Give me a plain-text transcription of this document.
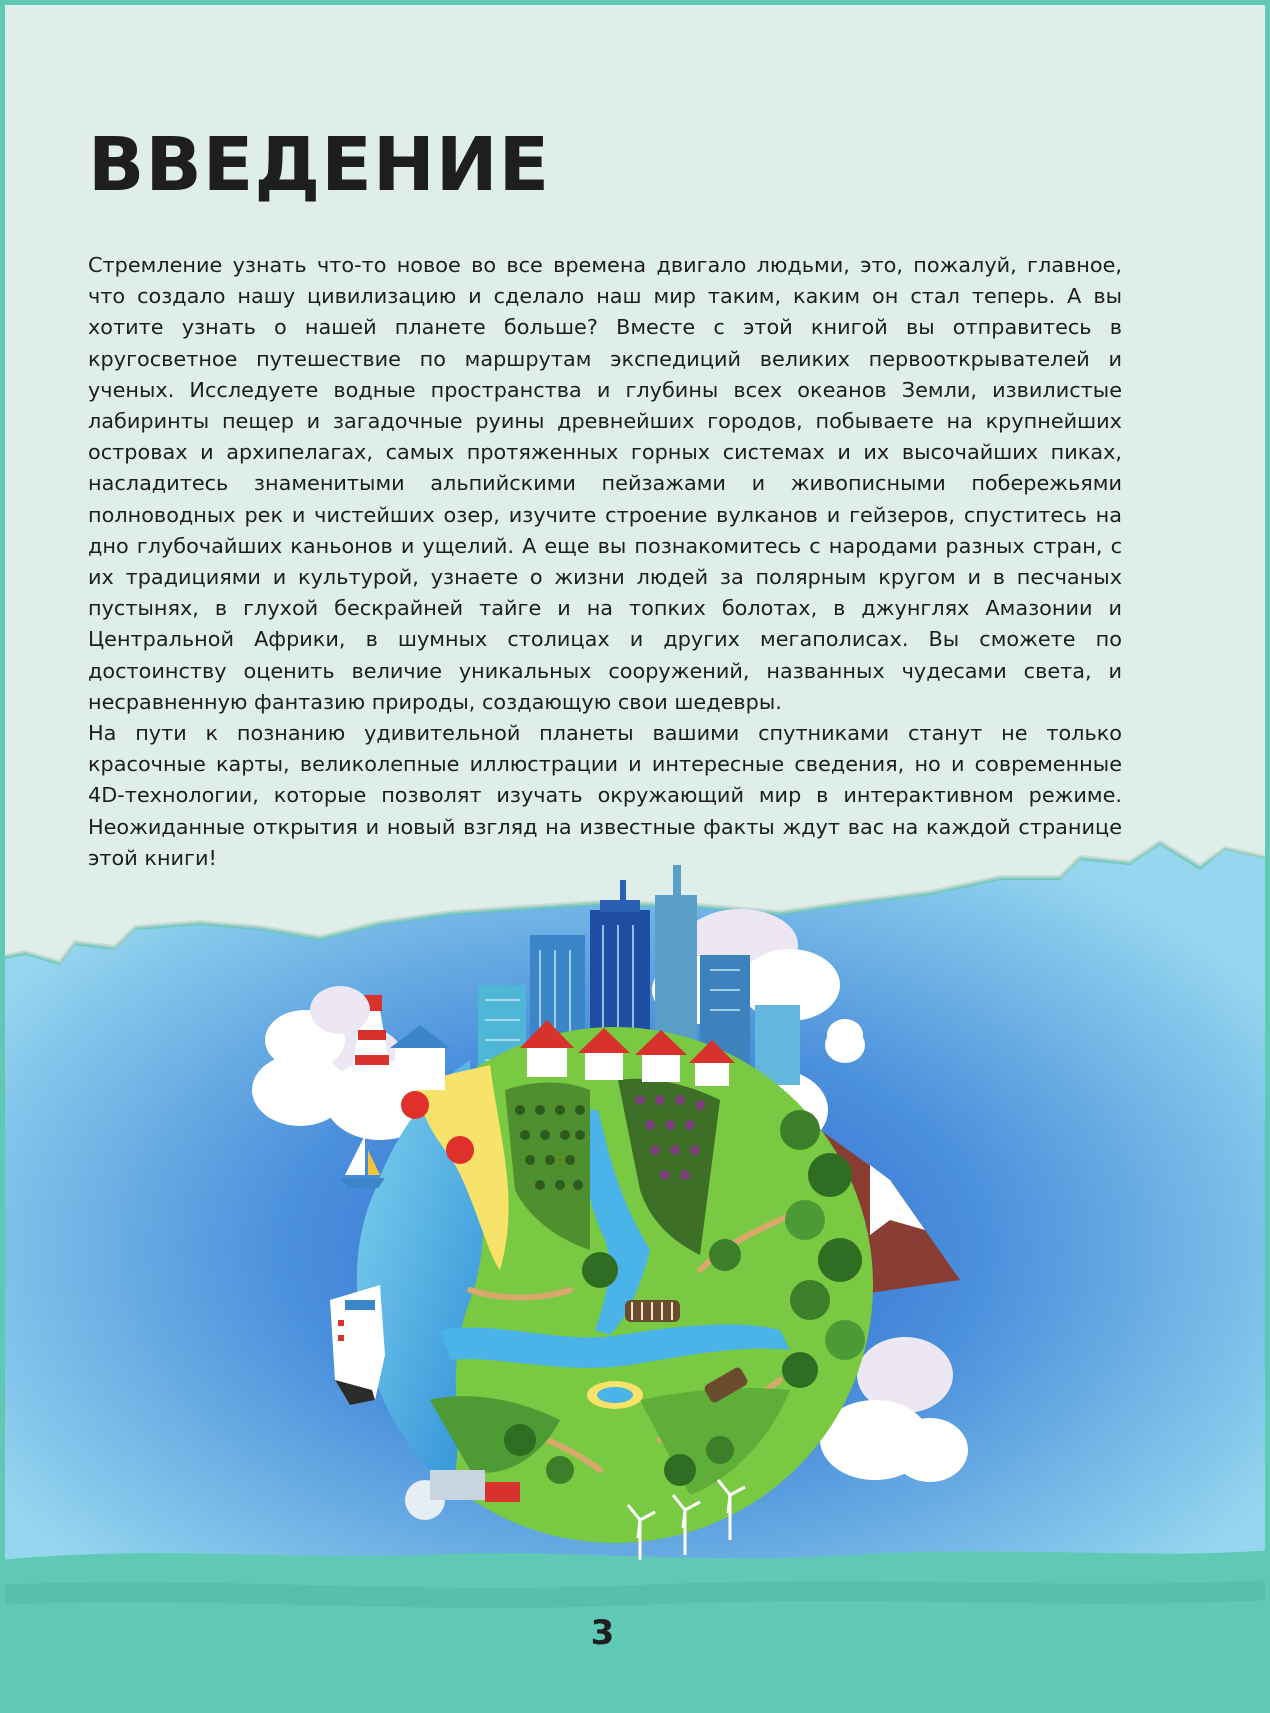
ВВЕДЕНИЕ

Стремление узнать что-то новое во все времена двигало людьми, это, пожалуй, главное, что создало нашу цивилизацию и сделало наш мир таким, каким он стал теперь. А вы хотите узнать о нашей планете больше? Вместе с этой книгой вы отправитесь в кругосветное путешествие по маршрутам экспедиций великих первооткрывателей и ученых. Исследуете водные пространства и глубины всех океанов Земли, извилистые лабиринты пещер и загадочные руины древнейших городов, побываете на крупнейших островах и архипелагах, самых протяженных горных системах и их высочайших пиках, насладитесь знаменитыми альпийскими пейзажами и живописными побережьями полноводных рек и чистейших озер, изучите строение вулканов и гейзеров, спуститесь на дно глубочайших каньонов и ущелий. А еще вы познакомитесь с народами разных стран, с их традициями и культурой, узнаете о жизни людей за полярным кругом и в песчаных пустынях, в глухой бескрайней тайге и на топких болотах, в джунглях Амазонии и Центральной Африки, в шумных столицах и других мегаполисах. Вы сможете по достоинству оценить величие уникальных сооружений, названных чудесами света, и несравненную фантазию природы, создающую свои шедевры.

На пути к познанию удивительной планеты вашими спутниками станут не только красочные карты, великолепные иллюстрации и интересные сведения, но и современные 4D-технологии, которые позволят изучать окружающий мир в интерактивном режиме. Неожиданные открытия и новый взгляд на известные факты ждут вас на каждой странице этой книги!

3
